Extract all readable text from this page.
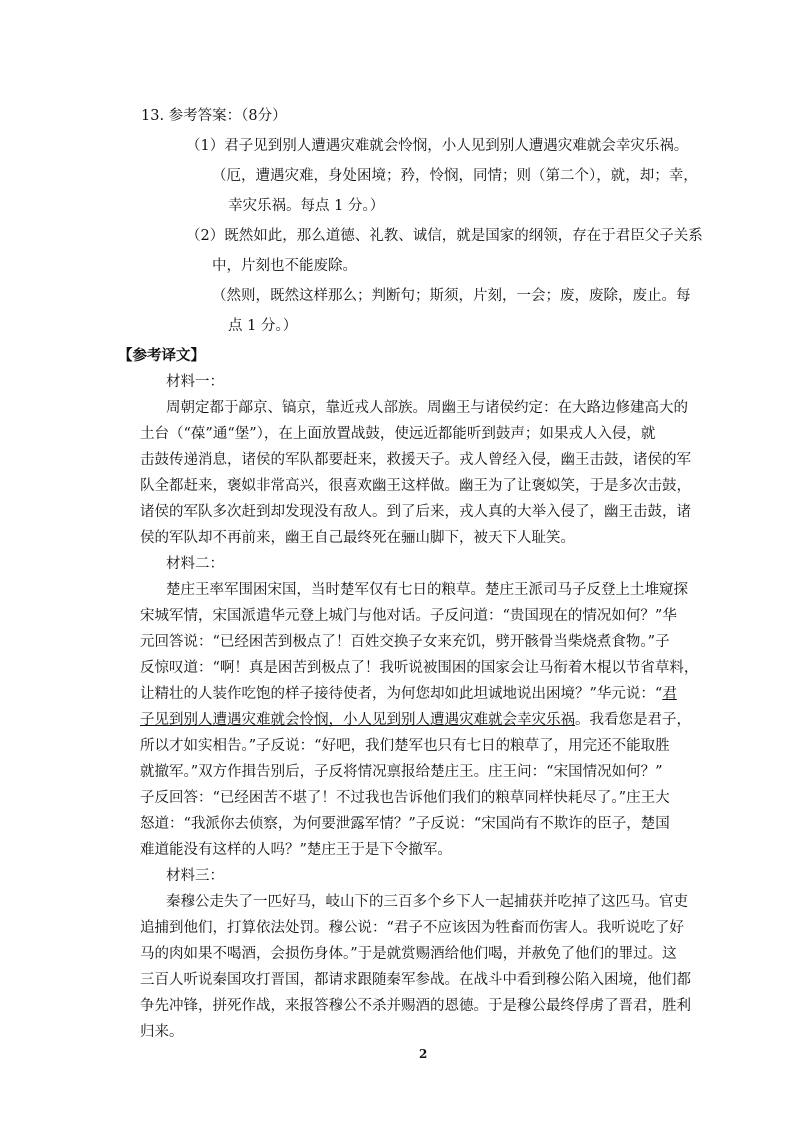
13. 参考答案：（8分）
（1）君子见到别人遭遇灾难就会怜悯，小人见到别人遭遇灾难就会幸灾乐祸。
（厄，遭遇灾难，身处困境；矜，怜悯，同情；则（第二个），就，却；幸，
幸灾乐祸。每点 1 分。）
（2）既然如此，那么道德、礼教、诚信，就是国家的纲领，存在于君臣父子关系
中，片刻也不能废除。
（然则，既然这样那么；判断句；斯须，片刻，一会；废，废除，废止。每
点 1 分。）
【参考译文】
材料一：
周朝定都于鄗京、镐京，靠近戎人部族。周幽王与诸侯约定：在大路边修建高大的
土台（“葆”通“堡”），在上面放置战鼓，使远近都能听到鼓声；如果戎人入侵，就
击鼓传递消息，诸侯的军队都要赶来，救援天子。戎人曾经入侵，幽王击鼓，诸侯的军
队全都赶来，褒姒非常高兴，很喜欢幽王这样做。幽王为了让褒姒笑，于是多次击鼓，
诸侯的军队多次赶到却发现没有敌人。到了后来，戎人真的大举入侵了，幽王击鼓，诸
侯的军队却不再前来，幽王自己最终死在骊山脚下，被天下人耻笑。
材料二：
楚庄王率军围困宋国，当时楚军仅有七日的粮草。楚庄王派司马子反登上土堆窥探
宋城军情，宋国派遣华元登上城门与他对话。子反问道：“贵国现在的情况如何？”华
元回答说：“已经困苦到极点了！百姓交换子女来充饥，劈开骸骨当柴烧煮食物。”子
反惊叹道：“啊！真是困苦到极点了！我听说被围困的国家会让马衔着木棍以节省草料，
让精壮的人装作吃饱的样子接待使者，为何您却如此坦诚地说出困境？”华元说：“君
子见到别人遭遇灾难就会怜悯，小人见到别人遭遇灾难就会幸灾乐祸。我看您是君子，
所以才如实相告。”子反说：“好吧，我们楚军也只有七日的粮草了，用完还不能取胜
就撤军。”双方作揖告别后，子反将情况禀报给楚庄王。庄王问：“宋国情况如何？”
子反回答：“已经困苦不堪了！不过我也告诉他们我们的粮草同样快耗尽了。”庄王大
怒道：“我派你去侦察，为何要泄露军情？”子反说：“宋国尚有不欺诈的臣子，楚国
难道能没有这样的人吗？”楚庄王于是下令撤军。
材料三：
秦穆公走失了一匹好马，岐山下的三百多个乡下人一起捕获并吃掉了这匹马。官吏
追捕到他们，打算依法处罚。穆公说：“君子不应该因为牲畜而伤害人。我听说吃了好
马的肉如果不喝酒，会损伤身体。”于是就赏赐酒给他们喝，并赦免了他们的罪过。这
三百人听说秦国攻打晋国，都请求跟随秦军参战。在战斗中看到穆公陷入困境，他们都
争先冲锋，拼死作战，来报答穆公不杀并赐酒的恩德。于是穆公最终俘虏了晋君，胜利
归来。
2
